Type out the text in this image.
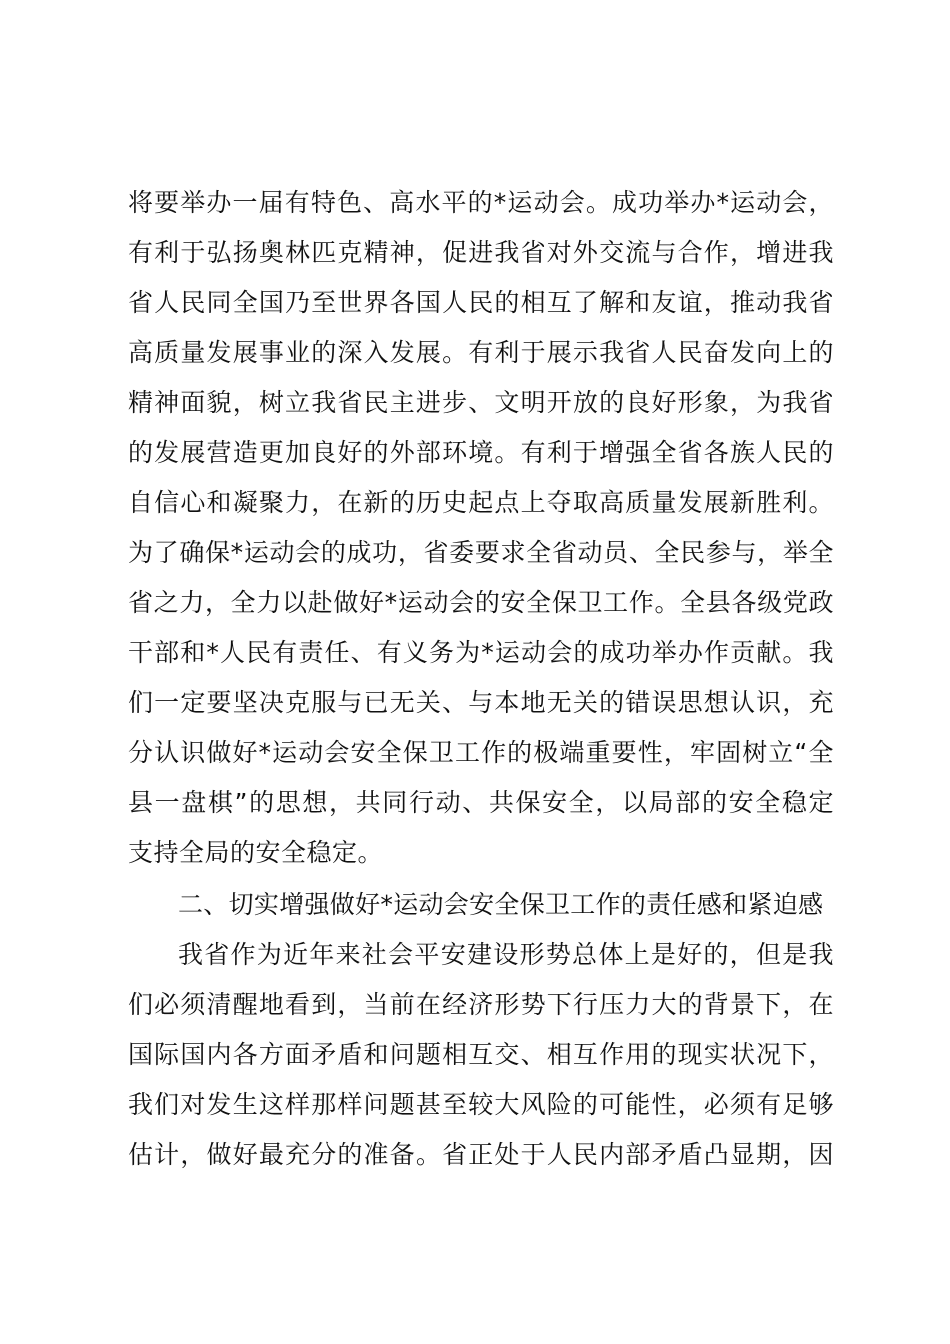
将要举办一届有特色、高水平的*运动会。成功举办*运动会，
有利于弘扬奥林匹克精神，促进我省对外交流与合作，增进我
省人民同全国乃至世界各国人民的相互了解和友谊，推动我省
高质量发展事业的深入发展。有利于展示我省人民奋发向上的
精神面貌，树立我省民主进步、文明开放的良好形象，为我省
的发展营造更加良好的外部环境。有利于增强全省各族人民的
自信心和凝聚力，在新的历史起点上夺取高质量发展新胜利。
为了确保*运动会的成功，省委要求全省动员、全民参与，举全
省之力，全力以赴做好*运动会的安全保卫工作。全县各级党政
干部和*人民有责任、有义务为*运动会的成功举办作贡献。我
们一定要坚决克服与已无关、与本地无关的错误思想认识，充
分认识做好*运动会安全保卫工作的极端重要性，牢固树立“全
县一盘棋”的思想，共同行动、共保安全，以局部的安全稳定
支持全局的安全稳定。
二、切实增强做好*运动会安全保卫工作的责任感和紧迫感
我省作为近年来社会平安建设形势总体上是好的，但是我
们必须清醒地看到，当前在经济形势下行压力大的背景下，在
国际国内各方面矛盾和问题相互交、相互作用的现实状况下，
我们对发生这样那样问题甚至较大风险的可能性，必须有足够
估计，做好最充分的准备。省正处于人民内部矛盾凸显期，因
